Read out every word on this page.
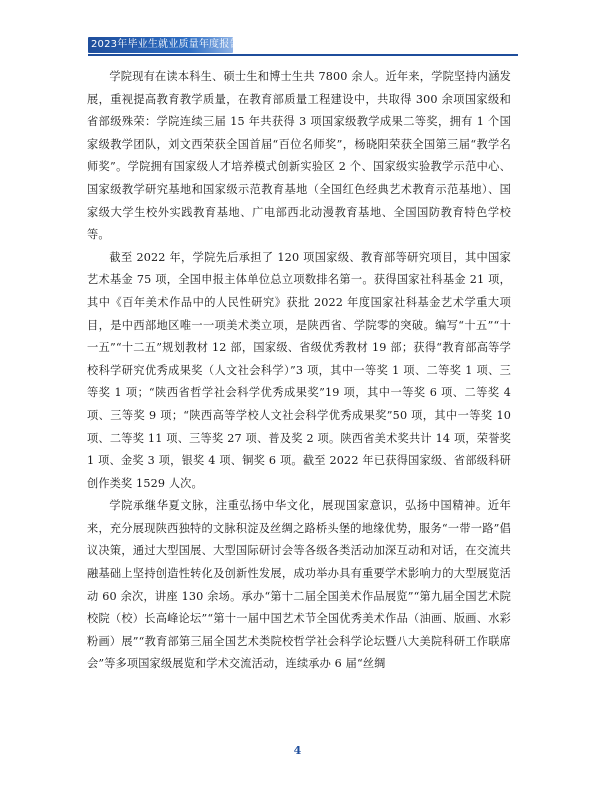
2023年毕业生就业质量年度报告

学院现有在读本科生、硕士生和博士生共 7800 余人。近年来，学院坚持内涵发展，重视提高教育教学质量，在教育部质量工程建设中，共取得 300 余项国家级和省部级殊荣：学院连续三届 15 年共获得 3 项国家级教学成果二等奖，拥有 1 个国家级教学团队，刘文西荣获全国首届“百位名师奖”，杨晓阳荣获全国第三届“教学名师奖”。学院拥有国家级人才培养模式创新实验区 2 个、国家级实验教学示范中心、国家级教学研究基地和国家级示范教育基地（全国红色经典艺术教育示范基地）、国家级大学生校外实践教育基地、广电部西北动漫教育基地、全国国防教育特色学校等。

截至 2022 年，学院先后承担了 120 项国家级、教育部等研究项目，其中国家艺术基金 75 项，全国申报主体单位总立项数排名第一。获得国家社科基金 21 项，其中《百年美术作品中的人民性研究》获批 2022 年度国家社科基金艺术学重大项目，是中西部地区唯一一项美术类立项，是陕西省、学院零的突破。编写“十五”“十一五”“十二五”规划教材 12 部，国家级、省级优秀教材 19 部；获得“教育部高等学校科学研究优秀成果奖（人文社会科学）”3 项，其中一等奖 1 项、二等奖 1 项、三等奖 1 项；“陕西省哲学社会科学优秀成果奖”19 项，其中一等奖 6 项、二等奖 4 项、三等奖 9 项；“陕西高等学校人文社会科学优秀成果奖”50 项，其中一等奖 10 项、二等奖 11 项、三等奖 27 项、普及奖 2 项。陕西省美术奖共计 14 项，荣誉奖 1 项、金奖 3 项，银奖 4 项、铜奖 6 项。截至 2022 年已获得国家级、省部级科研创作类奖 1529 人次。

学院承继华夏文脉，注重弘扬中华文化，展现国家意识，弘扬中国精神。近年来，充分展现陕西独特的文脉积淀及丝绸之路桥头堡的地缘优势，服务“一带一路”倡议决策，通过大型国展、大型国际研讨会等各级各类活动加深互动和对话，在交流共融基础上坚持创造性转化及创新性发展，成功举办具有重要学术影响力的大型展览活动 60 余次，讲座 130 余场。承办“第十二届全国美术作品展览”“第九届全国艺术院校院（校）长高峰论坛”“第十一届中国艺术节全国优秀美术作品（油画、版画、水彩粉画）展”“教育部第三届全国艺术类院校哲学社会科学论坛暨八大美院科研工作联席会”等多项国家级展览和学术交流活动，连续承办 6 届“丝绸

4
